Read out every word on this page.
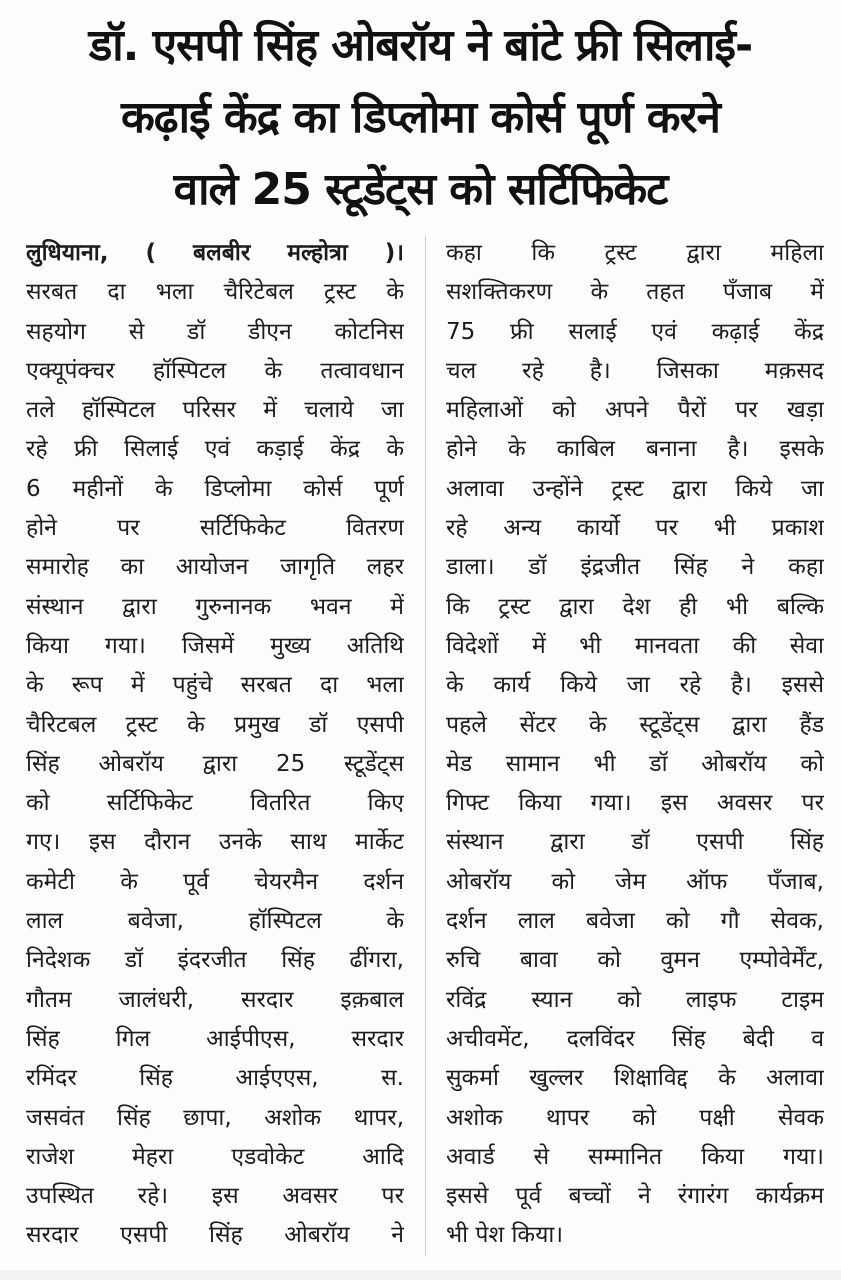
डॉ. एसपी सिंह ओबरॉय ने बांटे फ्री सिलाई-
कढ़ाई केंद्र का डिप्लोमा कोर्स पूर्ण करने
वाले 25 स्टूडेंट्स को सर्टिफिकेट
लुधियाना, ( बलबीर मल्होत्रा )।
सरबत दा भला चैरिटेबल ट्रस्ट के
सहयोग से डॉ डीएन कोटनिस
एक्यूपंक्चर हॉस्पिटल के तत्वावधान
तले हॉस्पिटल परिसर में चलाये जा
रहे फ्री सिलाई एवं कड़ाई केंद्र के
6 महीनों के डिप्लोमा कोर्स पूर्ण
होने पर सर्टिफिकेट वितरण
समारोह का आयोजन जागृति लहर
संस्थान द्वारा गुरुनानक भवन में
किया गया। जिसमें मुख्य अतिथि
के रूप में पहुंचे सरबत दा भला
चैरिटबल ट्रस्ट के प्रमुख डॉ एसपी
सिंह ओबरॉय द्वारा 25 स्टूडेंट्स
को सर्टिफिकेट वितरित किए
गए। इस दौरान उनके साथ मार्केट
कमेटी के पूर्व चेयरमैन दर्शन
लाल बवेजा, हॉस्पिटल के
निदेशक डॉ इंदरजीत सिंह ढींगरा,
गौतम जालंधरी, सरदार इक़बाल
सिंह गिल आईपीएस, सरदार
रमिंदर सिंह आईएएस, स.
जसवंत सिंह छापा, अशोक थापर,
राजेश मेहरा एडवोकेट आदि
उपस्थित रहे। इस अवसर पर
सरदार एसपी सिंह ओबरॉय ने
कहा कि ट्रस्ट द्वारा महिला
सशक्तिकरण के तहत पँजाब में
75 फ्री सलाई एवं कढ़ाई केंद्र
चल रहे है। जिसका मक़सद
महिलाओं को अपने पैरों पर खड़ा
होने के काबिल बनाना है। इसके
अलावा उन्होंने ट्रस्ट द्वारा किये जा
रहे अन्य कार्यो पर भी प्रकाश
डाला। डॉ इंद्रजीत सिंह ने कहा
कि ट्रस्ट द्वारा देश ही भी बल्कि
विदेशों में भी मानवता की सेवा
के कार्य किये जा रहे है। इससे
पहले सेंटर के स्टूडेंट्स द्वारा हैंड
मेड सामान भी डॉ ओबरॉय को
गिफ्ट किया गया। इस अवसर पर
संस्थान द्वारा डॉ एसपी सिंह
ओबरॉय को जेम ऑफ पँजाब,
दर्शन लाल बवेजा को गौ सेवक,
रुचि बावा को वुमन एम्पोवेर्मेंट,
रविंद्र स्यान को लाइफ टाइम
अचीवमेंट, दलविंदर सिंह बेदी व
सुकर्मा खुल्लर शिक्षाविद्द के अलावा
अशोक थापर को पक्षी सेवक
अवार्ड से सम्मानित किया गया।
इससे पूर्व बच्चों ने रंगारंग कार्यक्रम
भी पेश किया।
